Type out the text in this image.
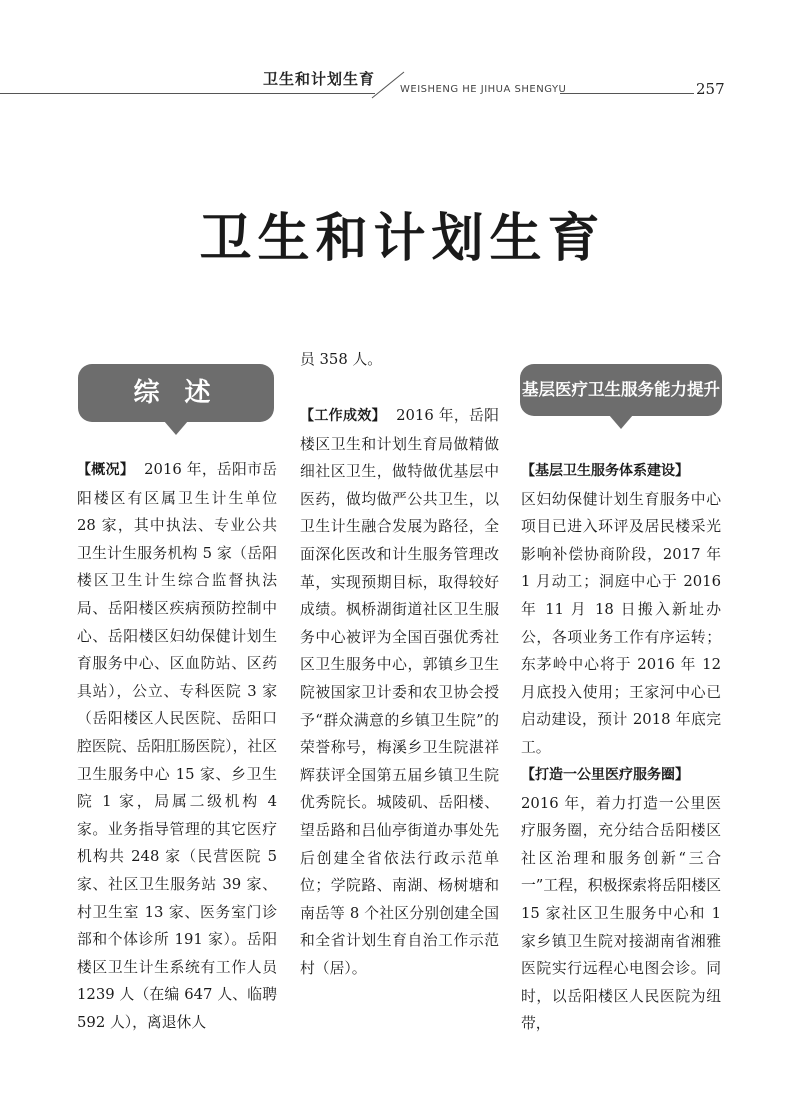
卫生和计划生育
WEISHENG HE JIHUA SHENGYU	257
卫生和计划生育
综 述	基层医疗卫生服务能力提升

【概况】 2016 年，岳阳市岳阳楼区有区属卫生计生单位 28 家，其中执法、专业公共卫生计生服务机构 5 家（岳阳楼区卫生计生综合监督执法局、岳阳楼区疾病预防控制中心、岳阳楼区妇幼保健计划生育服务中心、区血防站、区药具站），公立、专科医院 3 家（岳阳楼区人民医院、岳阳口腔医院、岳阳肛肠医院），社区卫生服务中心 15 家、乡卫生院 1 家，局属二级机构 4 家。业务指导管理的其它医疗机构共 248 家（民营医院 5 家、社区卫生服务站 39 家、村卫生室 13 家、医务室门诊部和个体诊所 191 家）。岳阳楼区卫生计生系统有工作人员 1239 人（在编 647 人、临聘 592 人），离退休人

员 358 人。

【工作成效】 2016 年，岳阳楼区卫生和计划生育局做精做细社区卫生，做特做优基层中医药，做均做严公共卫生，以卫生计生融合发展为路径，全面深化医改和计生服务管理改革，实现预期目标，取得较好成绩。枫桥湖街道社区卫生服务中心被评为全国百强优秀社区卫生服务中心，郭镇乡卫生院被国家卫计委和农卫协会授予“群众满意的乡镇卫生院”的荣誉称号，梅溪乡卫生院湛祥辉获评全国第五届乡镇卫生院优秀院长。城陵矶、岳阳楼、望岳路和吕仙亭街道办事处先后创建全省依法行政示范单位；学院路、南湖、杨树塘和南岳等 8 个社区分别创建全国和全省计划生育自治工作示范村（居）。

【基层卫生服务体系建设】

区妇幼保健计划生育服务中心项目已进入环评及居民楼采光影响补偿协商阶段，2017 年 1 月动工；洞庭中心于 2016 年 11 月 18 日搬入新址办公，各项业务工作有序运转；东茅岭中心将于 2016 年 12 月底投入使用；王家河中心已启动建设，预计 2018 年底完工。

【打造一公里医疗服务圈】

2016 年，着力打造一公里医疗服务圈，充分结合岳阳楼区社区治理和服务创新“三合一”工程，积极探索将岳阳楼区 15 家社区卫生服务中心和 1 家乡镇卫生院对接湖南省湘雅医院实行远程心电图会诊。同时，以岳阳楼区人民医院为纽带，
